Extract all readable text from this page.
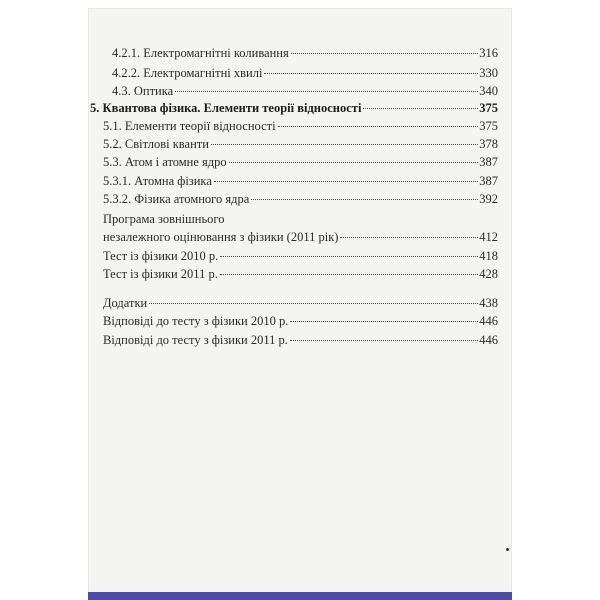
4.2.1. Електромагнітні коливання	316
4.2.2. Електромагнітні хвилі	330
4.3. Оптика	340
5. Квантова фізика. Елементи теорії відносності	375
5.1. Елементи теорії відносності	375
5.2. Світлові кванти	378
5.3. Атом і атомне ядро	387
5.3.1. Атомна фізика	387
5.3.2. Фізика атомного ядра	392
Програма зовнішнього
незалежного оцінювання з фізики (2011 рік)	412
Тест із фізики 2010 р.	418
Тест із фізики 2011 р.	428
Додатки	438
Відповіді до тесту з фізики 2010 р.	446
Відповіді до тесту з фізики 2011 р.	446
